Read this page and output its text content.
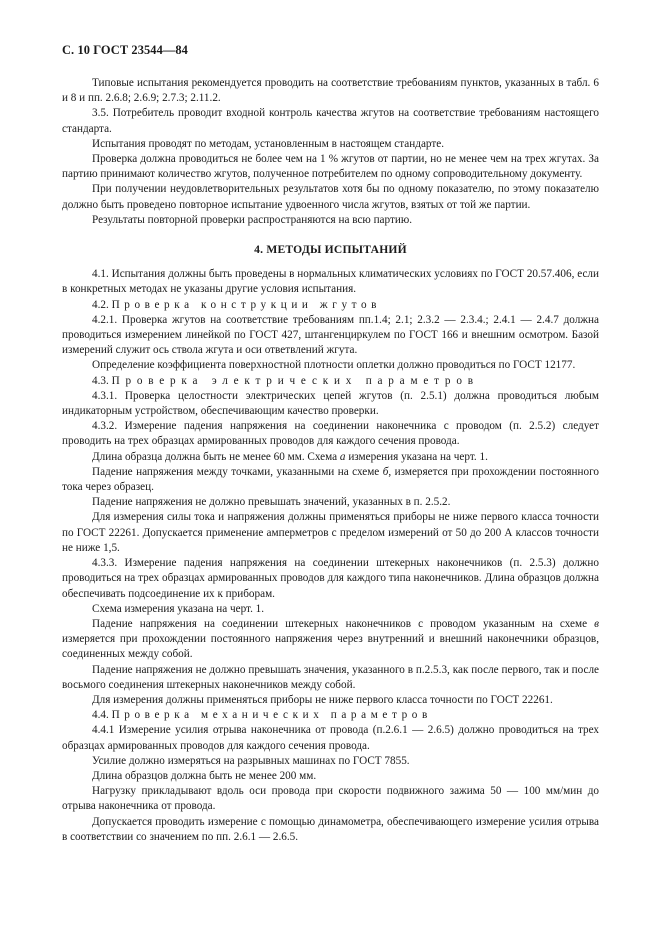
С. 10 ГОСТ 23544—84

Типовые испытания рекомендуется проводить на соответствие требованиям пунктов, указанных в табл. 6 и 8 и пп. 2.6.8; 2.6.9; 2.7.3; 2.11.2.

3.5. Потребитель проводит входной контроль качества жгутов на соответствие требованиям настоящего стандарта.

Испытания проводят по методам, установленным в настоящем стандарте.

Проверка должна проводиться не более чем на 1 % жгутов от партии, но не менее чем на трех жгутах. За партию принимают количество жгутов, полученное потребителем по одному сопроводительному документу.

При получении неудовлетворительных результатов хотя бы по одному показателю, по этому показателю должно быть проведено повторное испытание удвоенного числа жгутов, взятых от той же партии.

Результаты повторной проверки распространяются на всю партию.

4. МЕТОДЫ ИСПЫТАНИЙ

4.1. Испытания должны быть проведены в нормальных климатических условиях по ГОСТ 20.57.406, если в конкретных методах не указаны другие условия испытания.

4.2. Проверка конструкции жгутов

4.2.1. Проверка жгутов на соответствие требованиям пп.1.4; 2.1; 2.3.2 — 2.3.4.; 2.4.1 — 2.4.7 должна проводиться измерением линейкой по ГОСТ 427, штангенциркулем по ГОСТ 166 и внешним осмотром. Базой измерений служит ось ствола жгута и оси ответвлений жгута.

Определение коэффициента поверхностной плотности оплетки должно проводиться по ГОСТ 12177.

4.3. Проверка электрических параметров

4.3.1. Проверка целостности электрических цепей жгутов (п. 2.5.1) должна проводиться любым индикаторным устройством, обеспечивающим качество проверки.

4.3.2. Измерение падения напряжения на соединении наконечника с проводом (п. 2.5.2) следует проводить на трех образцах армированных проводов для каждого сечения провода.

Длина образца должна быть не менее 60 мм. Схема а измерения указана на черт. 1.

Падение напряжения между точками, указанными на схеме б, измеряется при прохождении постоянного тока через образец.

Падение напряжения не должно превышать значений, указанных в п. 2.5.2.

Для измерения силы тока и напряжения должны применяться приборы не ниже первого класса точности по ГОСТ 22261. Допускается применение амперметров с пределом измерений от 50 до 200 А классов точности не ниже 1,5.

4.3.3. Измерение падения напряжения на соединении штекерных наконечников (п. 2.5.3) должно проводиться на трех образцах армированных проводов для каждого типа наконечников. Длина образцов должна обеспечивать подсоединение их к приборам.

Схема измерения указана на черт. 1.

Падение напряжения на соединении штекерных наконечников с проводом указанным на схеме в измеряется при прохождении постоянного напряжения через внутренний и внешний наконечники образцов, соединенных между собой.

Падение напряжения не должно превышать значения, указанного в п.2.5.3, как после первого, так и после восьмого соединения штекерных наконечников между собой.

Для измерения должны применяться приборы не ниже первого класса точности по ГОСТ 22261.

4.4. Проверка механических параметров

4.4.1 Измерение усилия отрыва наконечника от провода (п.2.6.1 — 2.6.5) должно проводиться на трех образцах армированных проводов для каждого сечения провода.

Усилие должно измеряться на разрывных машинах по ГОСТ 7855.

Длина образцов должна быть не менее 200 мм.

Нагрузку прикладывают вдоль оси провода при скорости подвижного зажима 50 — 100 мм/мин до отрыва наконечника от провода.

Допускается проводить измерение с помощью динамометра, обеспечивающего измерение усилия отрыва в соответствии со значением по пп. 2.6.1 — 2.6.5.
